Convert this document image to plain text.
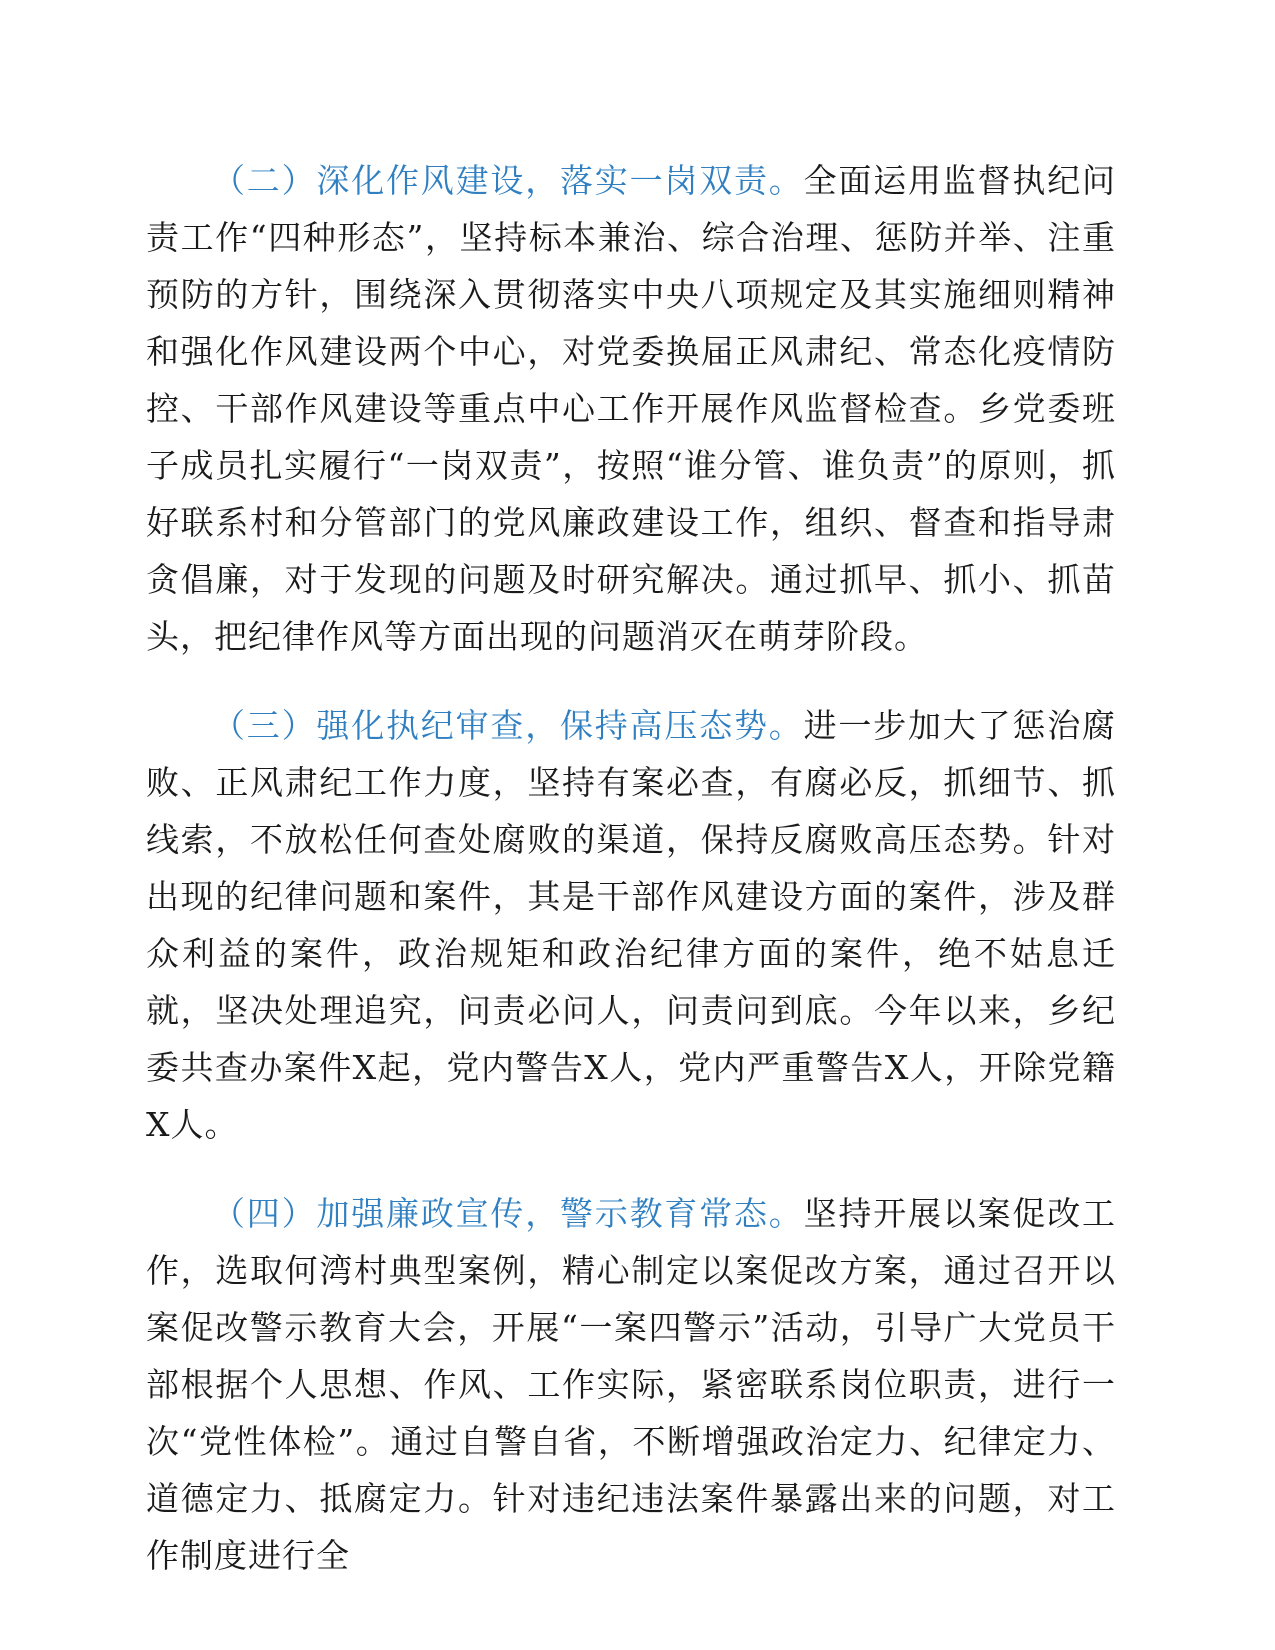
（二）深化作风建设，落实一岗双责。全面运用监督执纪问责工作“四种形态”，坚持标本兼治、综合治理、惩防并举、注重预防的方针，围绕深入贯彻落实中央八项规定及其实施细则精神和强化作风建设两个中心，对党委换届正风肃纪、常态化疫情防控、干部作风建设等重点中心工作开展作风监督检查。乡党委班子成员扎实履行“一岗双责”，按照“谁分管、谁负责”的原则，抓好联系村和分管部门的党风廉政建设工作，组织、督查和指导肃贪倡廉，对于发现的问题及时研究解决。通过抓早、抓小、抓苗头，把纪律作风等方面出现的问题消灭在萌芽阶段。

（三）强化执纪审查，保持高压态势。进一步加大了惩治腐败、正风肃纪工作力度，坚持有案必查，有腐必反，抓细节、抓线索，不放松任何查处腐败的渠道，保持反腐败高压态势。针对出现的纪律问题和案件，其是干部作风建设方面的案件，涉及群众利益的案件，政治规矩和政治纪律方面的案件，绝不姑息迁就，坚决处理追究，问责必问人，问责问到底。今年以来，乡纪委共查办案件X起，党内警告X人，党内严重警告X人，开除党籍X人。

（四）加强廉政宣传，警示教育常态。坚持开展以案促改工作，选取何湾村典型案例，精心制定以案促改方案，通过召开以案促改警示教育大会，开展“一案四警示”活动，引导广大党员干部根据个人思想、作风、工作实际，紧密联系岗位职责，进行一次“党性体检”。通过自警自省，不断增强政治定力、纪律定力、道德定力、抵腐定力。针对违纪违法案件暴露出来的问题，对工作制度进行全
